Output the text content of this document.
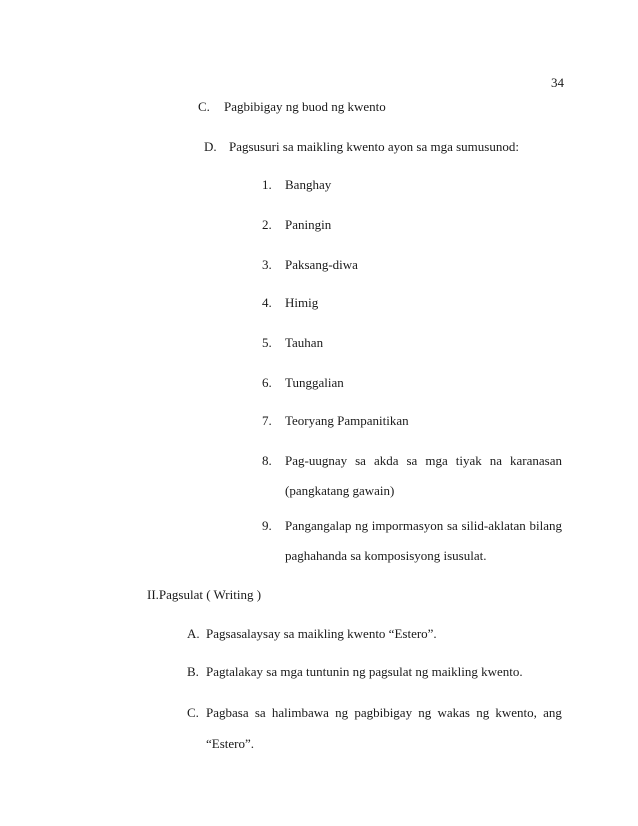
34
C. Pagbibigay ng buod ng kwento
D. Pagsusuri sa maikling kwento ayon sa mga sumusunod:
1. Banghay
2. Paningin
3. Paksang-diwa
4. Himig
5. Tauhan
6. Tunggalian
7. Teoryang Pampanitikan
8. Pag-uugnay sa akda sa mga tiyak na karanasan
(pangkatang gawain)
9. Pangangalap ng impormasyon sa silid-aklatan bilang
paghahanda sa komposisyong isusulat.
II.Pagsulat ( Writing )
A. Pagsasalaysay sa maikling kwento “Estero”.
B. Pagtalakay sa mga tuntunin ng pagsulat ng maikling kwento.
C. Pagbasa sa halimbawa ng pagbibigay ng wakas ng kwento, ang
“Estero”.
